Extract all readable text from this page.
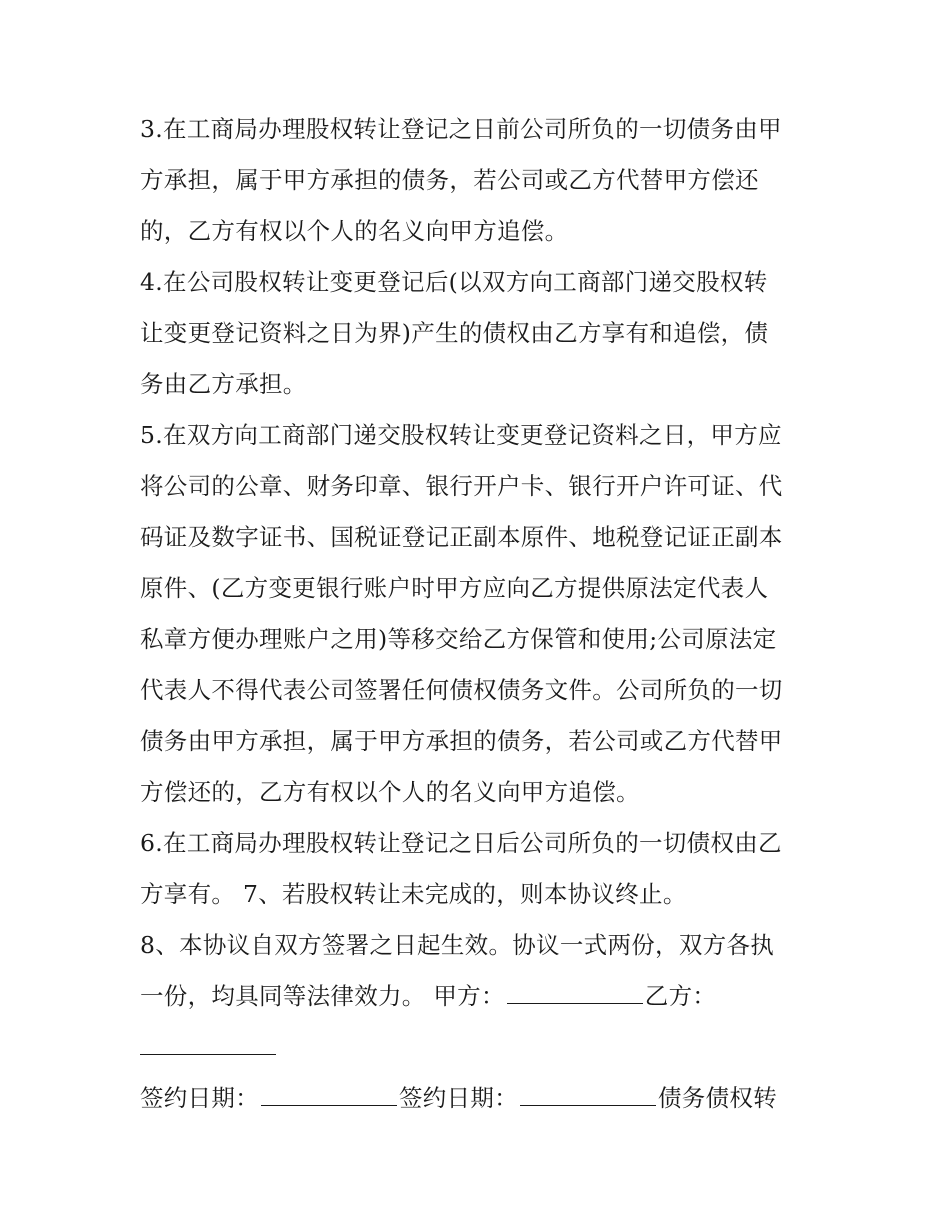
3.在工商局办理股权转让登记之日前公司所负的一切债务由甲
方承担，属于甲方承担的债务，若公司或乙方代替甲方偿还
的，乙方有权以个人的名义向甲方追偿。
4.在公司股权转让变更登记后(以双方向工商部门递交股权转
让变更登记资料之日为界)产生的债权由乙方享有和追偿，债
务由乙方承担。
5.在双方向工商部门递交股权转让变更登记资料之日，甲方应
将公司的公章、财务印章、银行开户卡、银行开户许可证、代
码证及数字证书、国税证登记正副本原件、地税登记证正副本
原件、(乙方变更银行账户时甲方应向乙方提供原法定代表人
私章方便办理账户之用)等移交给乙方保管和使用;公司原法定
代表人不得代表公司签署任何债权债务文件。公司所负的一切
债务由甲方承担，属于甲方承担的债务，若公司或乙方代替甲
方偿还的，乙方有权以个人的名义向甲方追偿。
6.在工商局办理股权转让登记之日后公司所负的一切债权由乙
方享有。 7、若股权转让未完成的，则本协议终止。
8、本协议自双方签署之日起生效。协议一式两份，双方各执
一份，均具同等法律效力。 甲方：	乙方：
签约日期：	签约日期：	债务债权转
